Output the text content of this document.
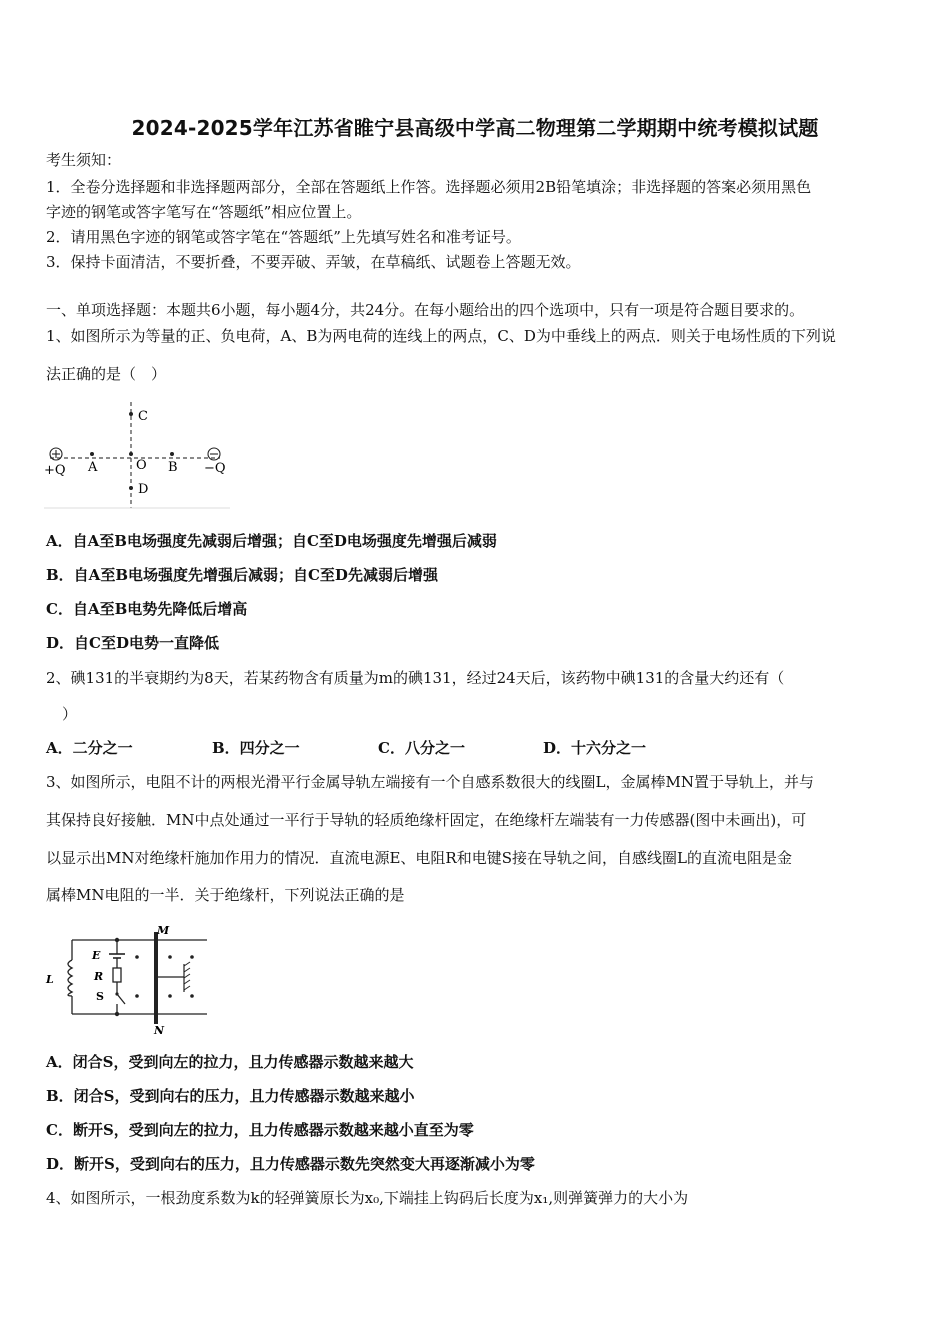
2024-2025学年江苏省睢宁县高级中学高二物理第二学期期中统考模拟试题
考生须知：
1．全卷分选择题和非选择题两部分，全部在答题纸上作答。选择题必须用2B铅笔填涂；非选择题的答案必须用黑色
字迹的钢笔或答字笔写在“答题纸”相应位置上。
2．请用黑色字迹的钢笔或答字笔在“答题纸”上先填写姓名和准考证号。
3．保持卡面清洁，不要折叠，不要弄破、弄皱，在草稿纸、试题卷上答题无效。
一、单项选择题：本题共6小题，每小题4分，共24分。在每小题给出的四个选项中，只有一项是符合题目要求的。
1、如图所示为等量的正、负电荷，A、B为两电荷的连线上的两点，C、D为中垂线上的两点．则关于电场性质的下列说
法正确的是（　）
+Q A	O B −Q
C
D
A．自A至B电场强度先减弱后增强；自C至D电场强度先增强后减弱
B．自A至B电场强度先增强后减弱；自C至D先减弱后增强
C．自A至B电势先降低后增高
D．自C至D电势一直降低
2、碘131的半衰期约为8天，若某药物含有质量为m的碘131，经过24天后，该药物中碘131的含量大约还有（
）
A．二分之一	B．四分之一	C．八分之一	D．十六分之一
3、如图所示，电阻不计的两根光滑平行金属导轨左端接有一个自感系数很大的线圈L，金属棒MN置于导轨上，并与
其保持良好接触．MN中点处通过一平行于导轨的轻质绝缘杆固定，在绝缘杆左端装有一力传感器(图中未画出)，可
以显示出MN对绝缘杆施加作用力的情况．直流电源E、电阻R和电键S接在导轨之间，自感线圈L的直流电阻是金
属棒MN电阻的一半．关于绝缘杆，下列说法正确的是
M
N
L
E
R
S
A．闭合S，受到向左的拉力，且力传感器示数越来越大
B．闭合S，受到向右的压力，且力传感器示数越来越小
C．断开S，受到向左的拉力，且力传感器示数越来越小直至为零
D．断开S，受到向右的压力，且力传感器示数先突然变大再逐渐减小为零
4、如图所示，一根劲度系数为k的轻弹簧原长为x₀,下端挂上钩码后长度为x₁,则弹簧弹力的大小为
